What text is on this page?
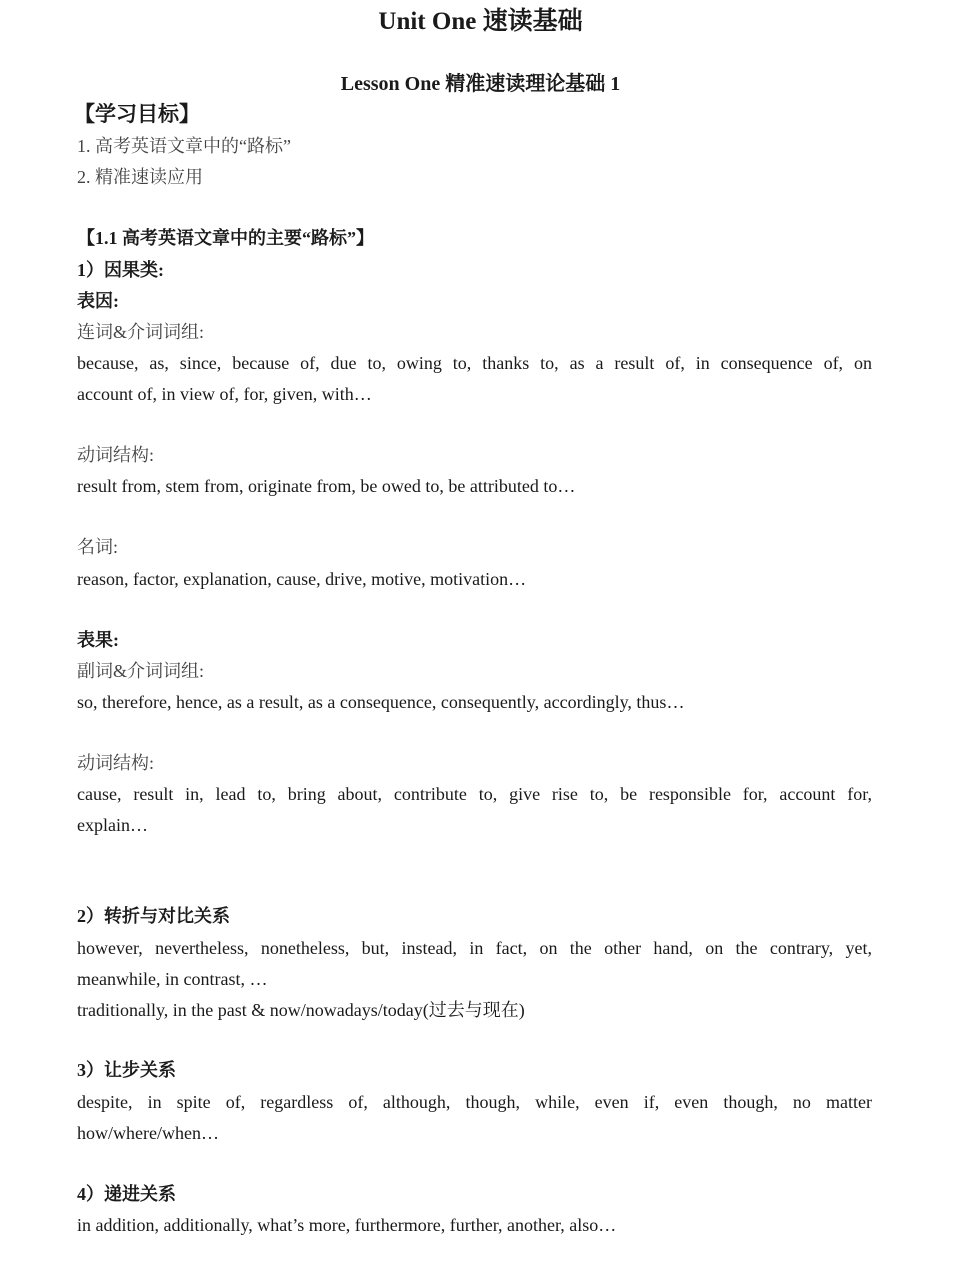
Unit One 速读基础
Lesson One 精准速读理论基础 1
【学习目标】
1. 高考英语文章中的“路标”
2. 精准速读应用
【1.1 高考英语文章中的主要“路标”】
1）因果类:
表因:
连词&介词词组:
because, as, since, because of, due to, owing to, thanks to, as a result of, in consequence of, on
account of, in view of, for, given, with…
动词结构:
result from, stem from, originate from, be owed to, be attributed to…
名词:
reason, factor, explanation, cause, drive, motive, motivation…
表果:
副词&介词词组:
so, therefore, hence, as a result, as a consequence, consequently, accordingly, thus…
动词结构:
cause, result in, lead to, bring about, contribute to, give rise to, be responsible for, account for,
explain…
2）转折与对比关系
however, nevertheless, nonetheless, but, instead, in fact, on the other hand, on the contrary, yet,
meanwhile, in contrast, …
traditionally, in the past & now/nowadays/today(过去与现在)
3）让步关系
despite, in spite of, regardless of, although, though, while, even if, even though, no matter
how/where/when…
4）递进关系
in addition, additionally, what’s more, furthermore, further, another, also…
